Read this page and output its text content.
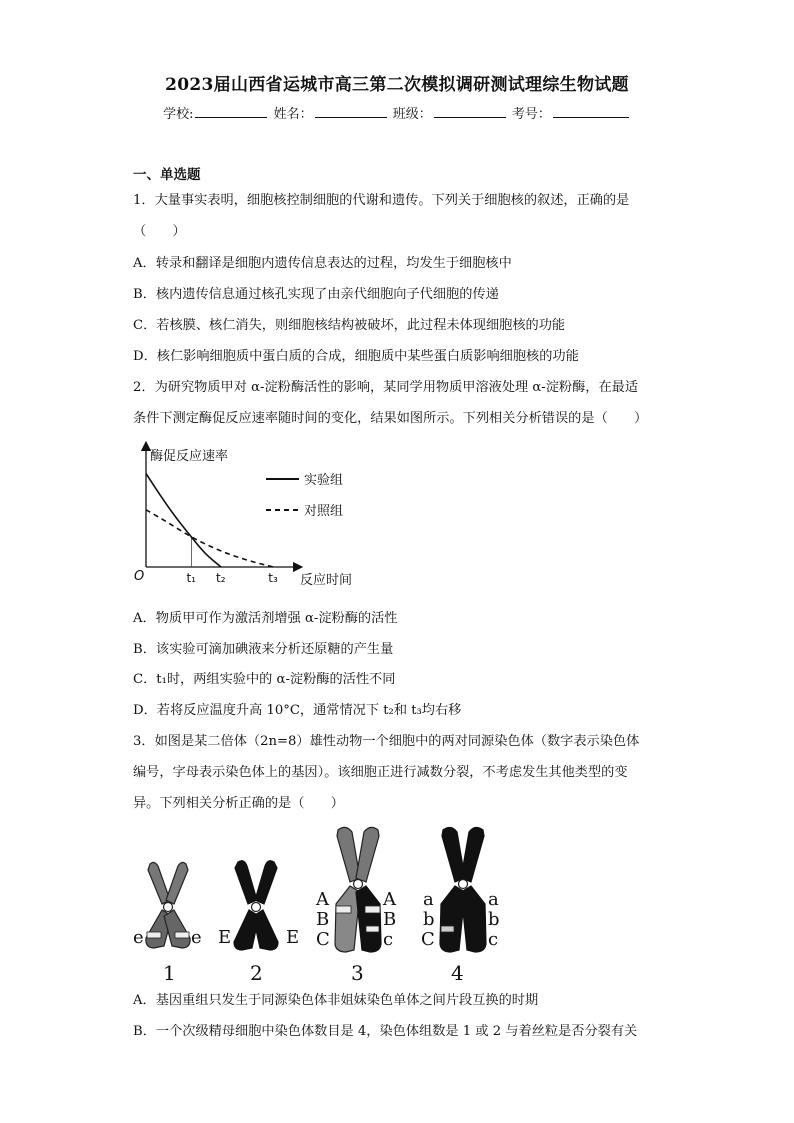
2023届山西省运城市高三第二次模拟调研测试理综生物试题
学校:	姓名：	班级：	考号：
一、单选题
1．大量事实表明，细胞核控制细胞的代谢和遗传。下列关于细胞核的叙述，正确的是
（　　）
A．转录和翻译是细胞内遗传信息表达的过程，均发生于细胞核中
B．核内遗传信息通过核孔实现了由亲代细胞向子代细胞的传递
C．若核膜、核仁消失，则细胞核结构被破坏，此过程未体现细胞核的功能
D．核仁影响细胞质中蛋白质的合成，细胞质中某些蛋白质影响细胞核的功能
2．为研究物质甲对 α-淀粉酶活性的影响，某同学用物质甲溶液处理 α-淀粉酶，在最适
条件下测定酶促反应速率随时间的变化，结果如图所示。下列相关分析错误的是（　　）
酶促反应速率
反应时间
O	t₁ t₂	t₃
实验组
对照组
A．物质甲可作为激活剂增强 α-淀粉酶的活性
B．该实验可滴加碘液来分析还原糖的产生量
C．t₁时，两组实验中的 α-淀粉酶的活性不同
D．若将反应温度升高 10°C，通常情况下 t₂和 t₃均右移
3．如图是某二倍体（2n=8）雄性动物一个细胞中的两对同源染色体（数字表示染色体
编号，字母表示染色体上的基因）。该细胞正进行减数分裂，不考虑发生其他类型的变
异。下列相关分析正确的是（　　）
e	e
1
E	E
2
A
B
C
A
B
c
3
a
b
C
a
b
c
4
A．基因重组只发生于同源染色体非姐妹染色单体之间片段互换的时期
B．一个次级精母细胞中染色体数目是 4，染色体组数是 1 或 2 与着丝粒是否分裂有关
